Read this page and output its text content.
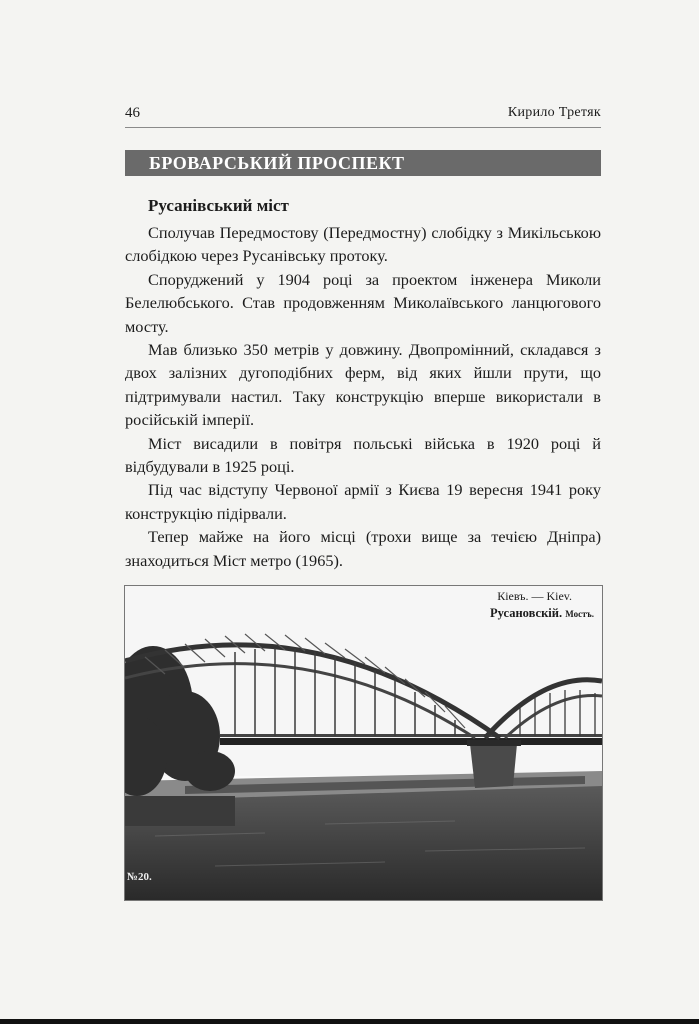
46	Кирило Третяк
БРОВАРСЬКИЙ ПРОСПЕКТ
Русанівський міст

Сполучав Передмостову (Передмостну) слобідку з Микільською слобідкою через Русанівську протоку.

Споруджений у 1904 році за проектом інженера Миколи Белелюбського. Став продовженням Миколаївського ланцюгового мосту.

Мав близько 350 метрів у довжину. Двопромінний, складався з двох залізних дугоподібних ферм, від яких йшли прути, що підтримували настил. Таку конструкцію вперше використали в російській імперії.

Міст висадили в повітря польські війська в 1920 році й відбудували в 1925 році.

Під час відступу Червоної армії з Києва 19 вересня 1941 року конструкцію підірвали.

Тепер майже на його місці (трохи вище за течією Дніпра) знаходиться Міст метро (1965).

Кіевъ. — Kiev.
Русановскій. Мостъ.
№20.
